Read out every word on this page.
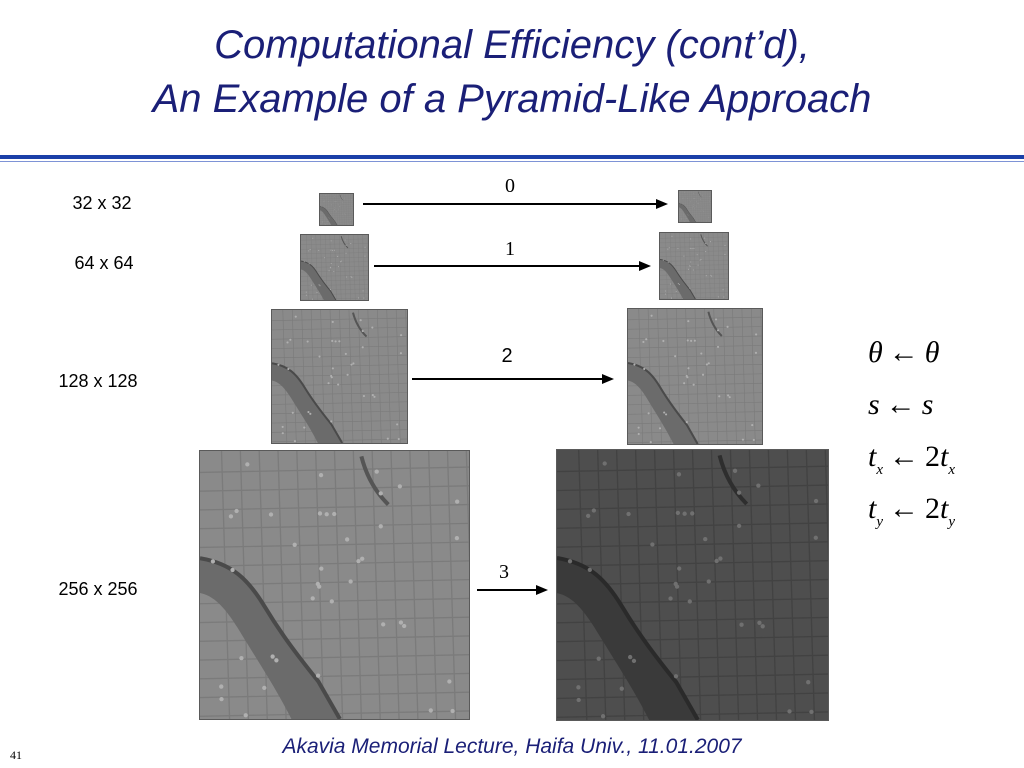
Computational Efficiency (cont’d),
An Example of a Pyramid-Like Approach
32 x 32
64 x 64
128 x 128
256 x 256
0
1
2
3
θ ← θ
s ← s
$t_x$ ← $2t_x$
$t_y$ ← $2t_y$
Akavia Memorial Lecture, Haifa Univ., 11.01.2007
41
